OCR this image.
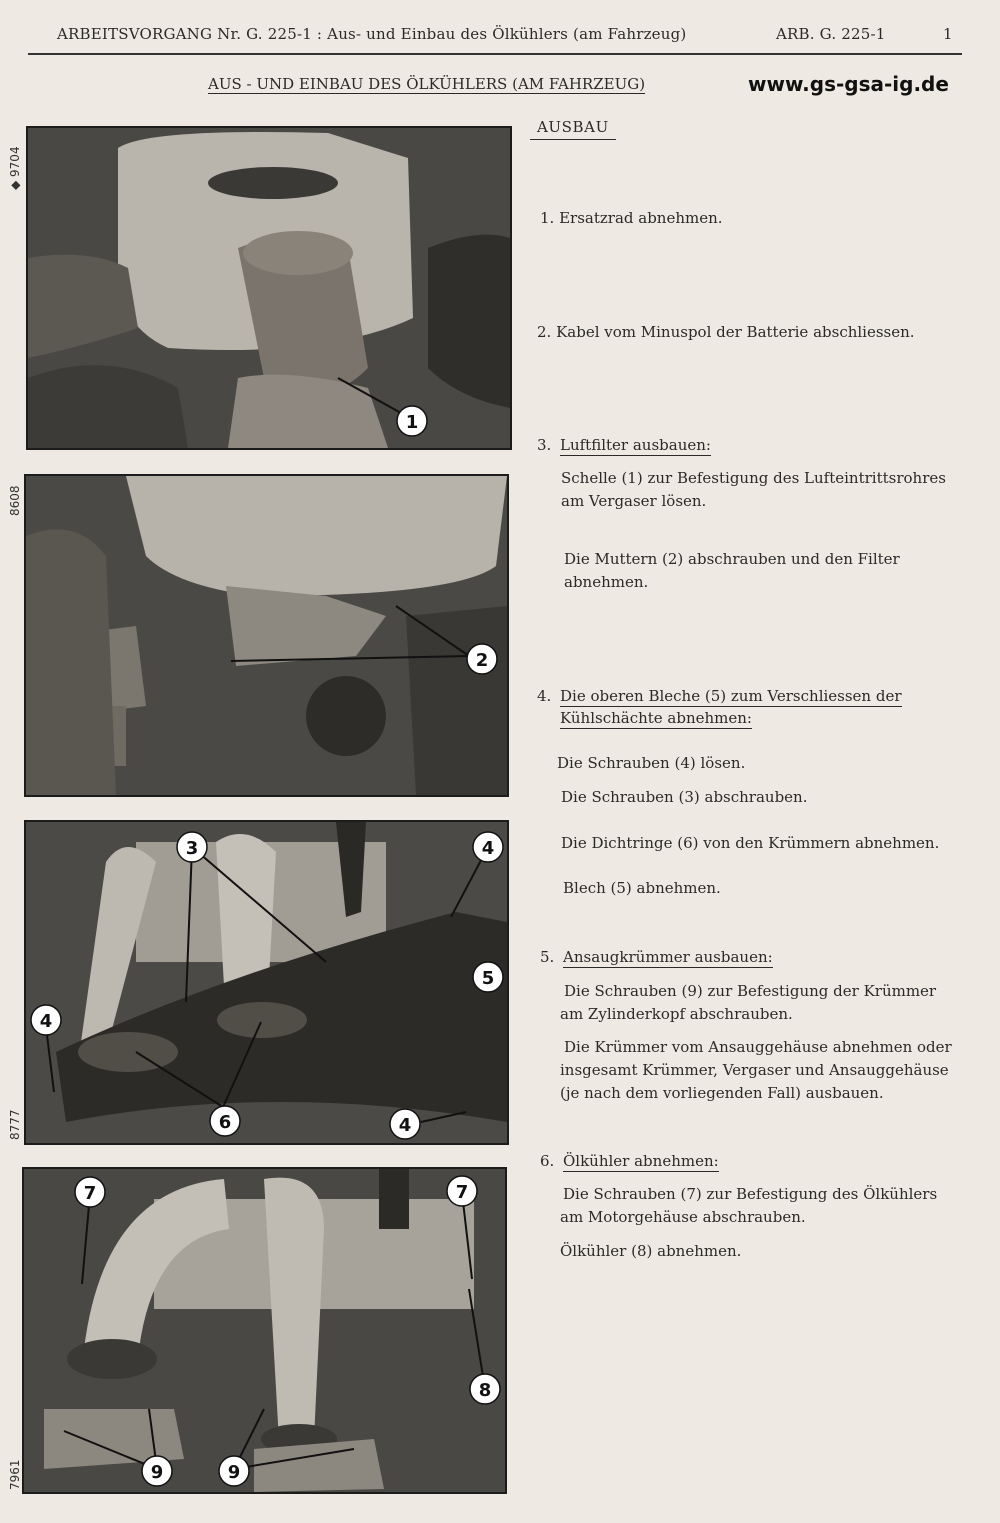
ARBEITSVORGANG Nr. G. 225-1 : Aus- und Einbau des Ölkühlers (am Fahrzeug)	ARB. G. 225-1	1
AUS - UND EINBAU DES ÖLKÜHLERS (AM FAHRZEUG)	www.gs-gsa-ig.de
◆ 9704
1
8608
2
8777
3	4
4
5
4
6
7961
7	7
8
9	9
AUSBAU
1. Ersatzrad abnehmen.
2. Kabel vom Minuspol der Batterie abschliessen.
3. Luftfilter ausbauen:
Schelle (1) zur Befestigung des Lufteintrittsrohres
am Vergaser lösen.
Die Muttern (2) abschrauben und den Filter
abnehmen.
4. Die oberen Bleche (5) zum Verschliessen der
Kühlschächte abnehmen:
Die Schrauben (4) lösen.
Die Schrauben (3) abschrauben.
Die Dichtringe (6) von den Krümmern abnehmen.
Blech (5) abnehmen.
5. Ansaugkrümmer ausbauen:
Die Schrauben (9) zur Befestigung der Krümmer
am Zylinderkopf abschrauben.
Die Krümmer vom Ansauggehäuse abnehmen oder
insgesamt Krümmer, Vergaser und Ansauggehäuse
(je nach dem vorliegenden Fall) ausbauen.
6. Ölkühler abnehmen:
Die Schrauben (7) zur Befestigung des Ölkühlers
am Motorgehäuse abschrauben.
Ölkühler (8) abnehmen.
